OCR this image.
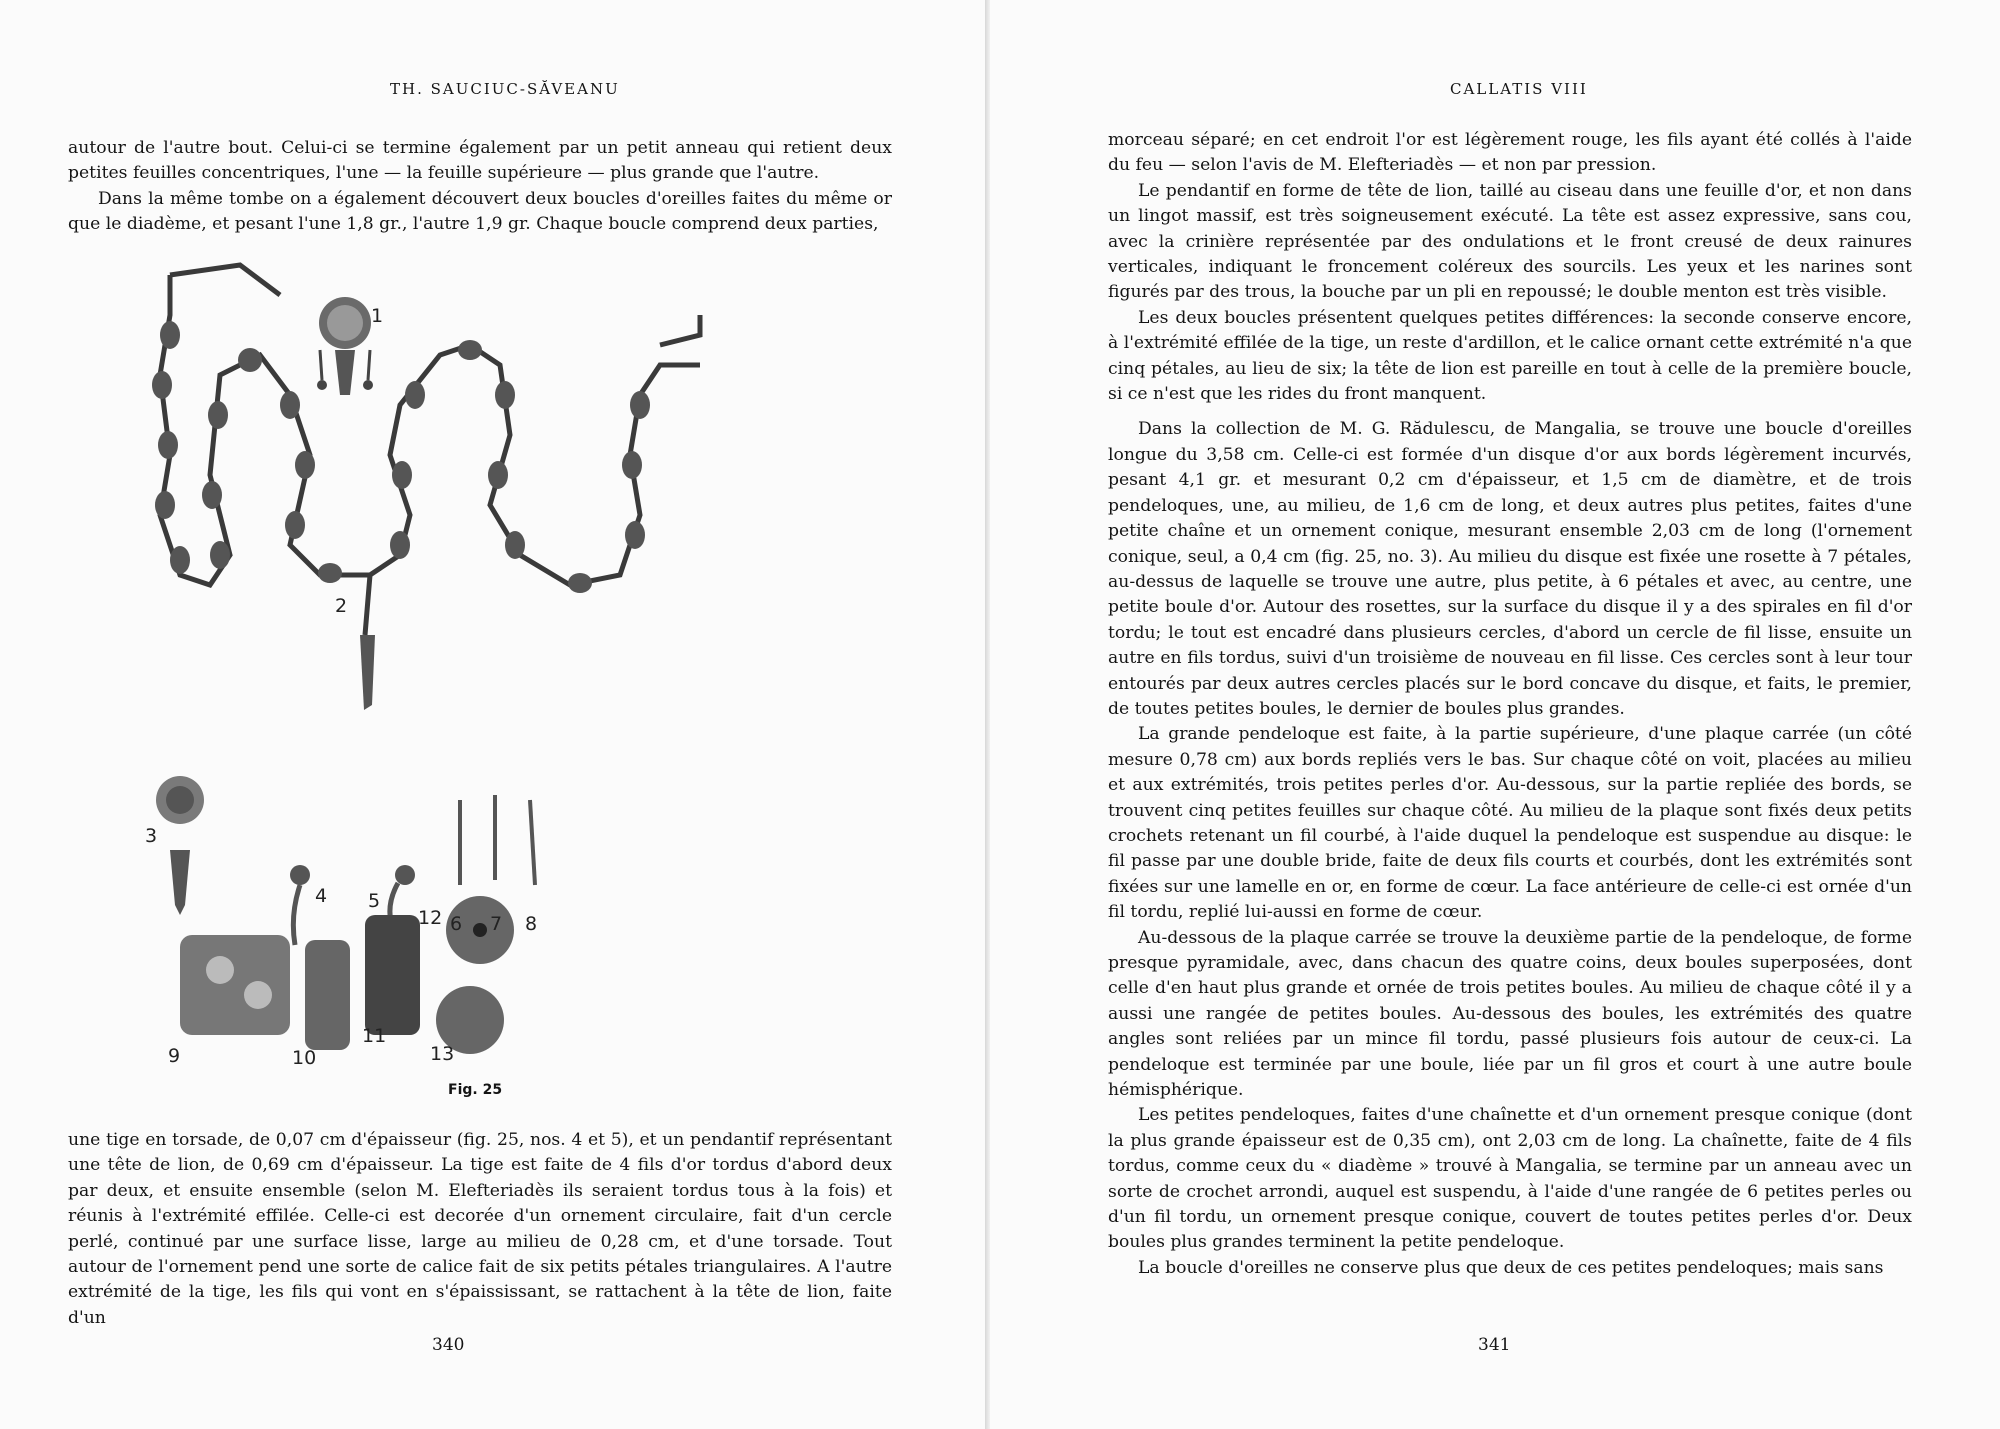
TH. SAUCIUC-SĂVEANU

autour de l'autre bout. Celui-ci se termine également par un petit anneau qui retient deux petites feuilles concentriques, l'une — la feuille supérieure — plus grande que l'autre.

Dans la même tombe on a également découvert deux boucles d'oreilles faites du même or que le diadème, et pesant l'une 1,8 gr., l'autre 1,9 gr. Chaque boucle comprend deux parties,

1
2
3
4 5
6 7 8
9	10
11
12
13
Fig. 25

une tige en torsade, de 0,07 cm d'épaisseur (fig. 25, nos. 4 et 5), et un pendantif représentant une tête de lion, de 0,69 cm d'épaisseur. La tige est faite de 4 fils d'or tordus d'abord deux par deux, et ensuite ensemble (selon M. Elefteriadès ils seraient tordus tous à la fois) et réunis à l'extrémité effilée. Celle-ci est decorée d'un ornement circulaire, fait d'un cercle perlé, continué par une surface lisse, large au milieu de 0,28 cm, et d'une torsade. Tout autour de l'ornement pend une sorte de calice fait de six petits pétales triangulaires. A l'autre extrémité de la tige, les fils qui vont en s'épaississant, se rattachent à la tête de lion, faite d'un

340
CALLATIS VIII

morceau séparé; en cet endroit l'or est légèrement rouge, les fils ayant été collés à l'aide du feu — selon l'avis de M. Elefteriadès — et non par pression.

Le pendantif en forme de tête de lion, taillé au ciseau dans une feuille d'or, et non dans un lingot massif, est très soigneusement exécuté. La tête est assez expressive, sans cou, avec la crinière représentée par des ondulations et le front creusé de deux rainures verticales, indiquant le froncement coléreux des sourcils. Les yeux et les narines sont figurés par des trous, la bouche par un pli en repoussé; le double menton est très visible.

Les deux boucles présentent quelques petites différences: la seconde conserve encore, à l'extrémité effilée de la tige, un reste d'ardillon, et le calice ornant cette extrémité n'a que cinq pétales, au lieu de six; la tête de lion est pareille en tout à celle de la première boucle, si ce n'est que les rides du front manquent.

Dans la collection de M. G. Rădulescu, de Mangalia, se trouve une boucle d'oreilles longue du 3,58 cm. Celle-ci est formée d'un disque d'or aux bords légèrement incurvés, pesant 4,1 gr. et mesurant 0,2 cm d'épaisseur, et 1,5 cm de diamètre, et de trois pendeloques, une, au milieu, de 1,6 cm de long, et deux autres plus petites, faites d'une petite chaîne et un ornement conique, mesurant ensemble 2,03 cm de long (l'ornement conique, seul, a 0,4 cm (fig. 25, no. 3). Au milieu du disque est fixée une rosette à 7 pétales, au-dessus de laquelle se trouve une autre, plus petite, à 6 pétales et avec, au centre, une petite boule d'or. Autour des rosettes, sur la surface du disque il y a des spirales en fil d'or tordu; le tout est encadré dans plusieurs cercles, d'abord un cercle de fil lisse, ensuite un autre en fils tordus, suivi d'un troisième de nouveau en fil lisse. Ces cercles sont à leur tour entourés par deux autres cercles placés sur le bord concave du disque, et faits, le premier, de toutes petites boules, le dernier de boules plus grandes.

La grande pendeloque est faite, à la partie supérieure, d'une plaque carrée (un côté mesure 0,78 cm) aux bords repliés vers le bas. Sur chaque côté on voit, placées au milieu et aux extrémités, trois petites perles d'or. Au-dessous, sur la partie repliée des bords, se trouvent cinq petites feuilles sur chaque côté. Au milieu de la plaque sont fixés deux petits crochets retenant un fil courbé, à l'aide duquel la pendeloque est suspendue au disque: le fil passe par une double bride, faite de deux fils courts et courbés, dont les extrémités sont fixées sur une lamelle en or, en forme de cœur. La face antérieure de celle-ci est ornée d'un fil tordu, replié lui-aussi en forme de cœur.

Au-dessous de la plaque carrée se trouve la deuxième partie de la pendeloque, de forme presque pyramidale, avec, dans chacun des quatre coins, deux boules superposées, dont celle d'en haut plus grande et ornée de trois petites boules. Au milieu de chaque côté il y a aussi une rangée de petites boules. Au-dessous des boules, les extrémités des quatre angles sont reliées par un mince fil tordu, passé plusieurs fois autour de ceux-ci. La pendeloque est terminée par une boule, liée par un fil gros et court à une autre boule hémisphérique.

Les petites pendeloques, faites d'une chaînette et d'un ornement presque conique (dont la plus grande épaisseur est de 0,35 cm), ont 2,03 cm de long. La chaînette, faite de 4 fils tordus, comme ceux du « diadème » trouvé à Mangalia, se termine par un anneau avec un sorte de crochet arrondi, auquel est suspendu, à l'aide d'une rangée de 6 petites perles ou d'un fil tordu, un ornement presque conique, couvert de toutes petites perles d'or. Deux boules plus grandes terminent la petite pendeloque.

La boucle d'oreilles ne conserve plus que deux de ces petites pendeloques; mais sans

341
